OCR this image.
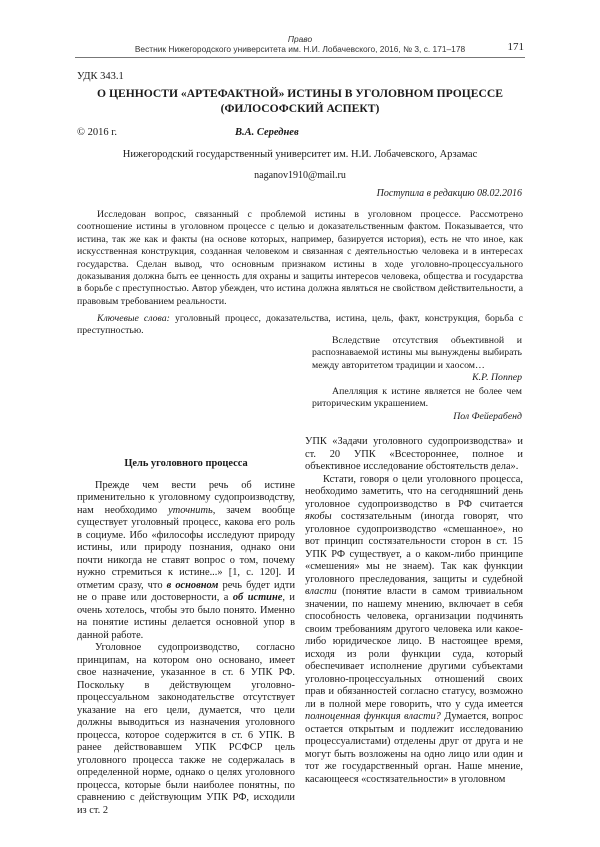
Право
Вестник Нижегородского университета им. Н.И. Лобачевского, 2016, № 3, с. 171–178	171
УДК 343.1
О ЦЕННОСТИ «АРТЕФАКТНОЙ» ИСТИНЫ В УГОЛОВНОМ ПРОЦЕССЕ
(ФИЛОСОФСКИЙ АСПЕКТ)
© 2016 г.	В.А. Середнев
Нижегородский государственный университет им. Н.И. Лобачевского, Арзамас
naganov1910@mail.ru
Поступила в редакцию 08.02.2016

Исследован вопрос, связанный с проблемой истины в уголовном процессе. Рассмотрено соотношение истины в уголовном процессе с целью и доказательственным фактом. Показывается, что истина, так же как и факты (на основе которых, например, базируется история), есть не что иное, как искусственная конструкция, созданная человеком и связанная с деятельностью человека и в интересах государства. Сделан вывод, что основным признаком истины в ходе уголовно-процессуального доказывания должна быть ее ценность для охраны и защиты интересов человека, общества и государства в борьбе с преступностью. Автор убежден, что истина должна являться не свойством действительности, а правовым требованием реальности.

Ключевые слова: уголовный процесс, доказательства, истина, цель, факт, конструкция, борьба с преступностью.

Вследствие отсутствия объективной и распознаваемой истины мы вынуждены выбирать между авторитетом традиции и хаосом…

К.Р. Поппер

Апелляция к истине является не более чем риторическим украшением.

Пол Фейерабенд

Цель уголовного процесса

Прежде чем вести речь об истине применительно к уголовному судопроизводству, нам необходимо уточнить, зачем вообще существует уголовный процесс, какова его роль в социуме. Ибо «философы исследуют природу истины, или природу познания, однако они почти никогда не ставят вопрос о том, почему нужно стремиться к истине...» [1, с. 120]. И отметим сразу, что в основном речь будет идти не о праве или достоверности, а об истине, и очень хотелось, чтобы это было понято. Именно на понятие истины делается основной упор в данной работе.

Уголовное судопроизводство, согласно принципам, на котором оно основано, имеет свое назначение, указанное в ст. 6 УПК РФ. Поскольку в действующем уголовно-процессуальном законодательстве отсутствует указание на его цели, думается, что цели должны выводиться из назначения уголовного процесса, которое содержится в ст. 6 УПК. В ранее действовавшем УПК РСФСР цель уголовного процесса также не содержалась в определенной норме, однако о целях уголовного процесса, которые были наиболее понятны, по сравнению с действующим УПК РФ, исходили из ст. 2

УПК «Задачи уголовного судопроизводства» и ст. 20 УПК «Всестороннее, полное и объективное исследование обстоятельств дела».

Кстати, говоря о цели уголовного процесса, необходимо заметить, что на сегодняшний день уголовное судопроизводство в РФ считается якобы состязательным (иногда говорят, что уголовное судопроизводство «смешанное», но вот принцип состязательности сторон в ст. 15 УПК РФ существует, а о каком-либо принципе «смешения» мы не знаем). Так как функции уголовного преследования, защиты и судебной власти (понятие власти в самом тривиальном значении, по нашему мнению, включает в себя способность человека, организации подчинять своим требованиям другого человека или какое-либо юридическое лицо. В настоящее время, исходя из роли функции суда, который обеспечивает исполнение другими субъектами уголовно-процессуальных отношений своих прав и обязанностей согласно статусу, возможно ли в полной мере говорить, что у суда имеется полноценная функция власти? Думается, вопрос остается открытым и подлежит исследованию процессуалистами) отделены друг от друга и не могут быть возложены на одно лицо или один и тот же государственный орган. Наше мнение, касающееся «состязательности» в уголовном
